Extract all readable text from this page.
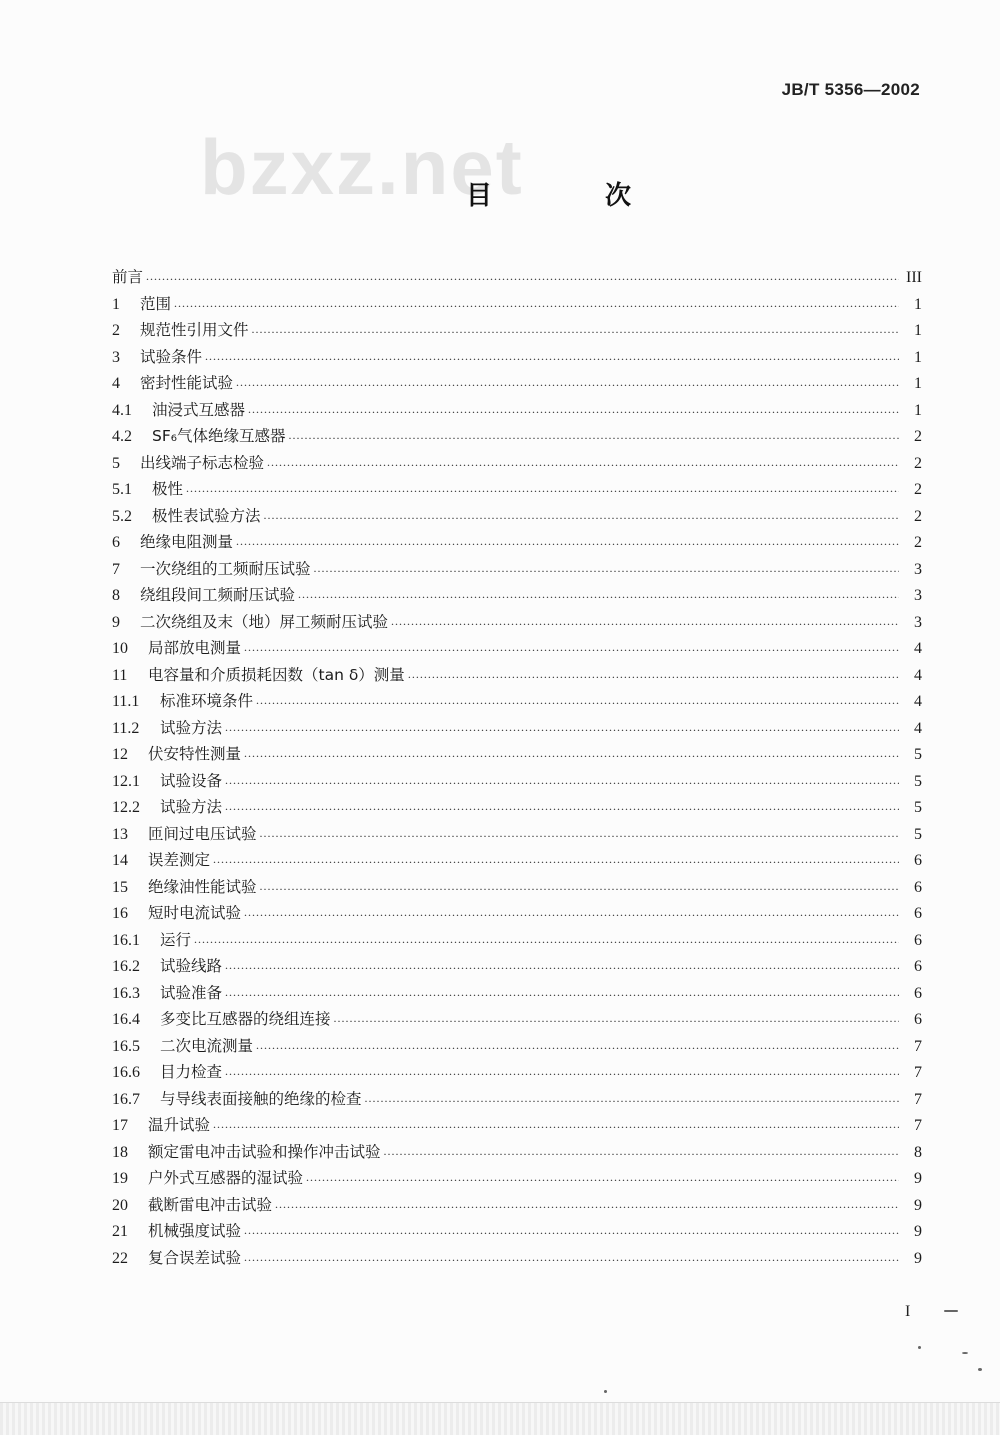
JB/T 5356—2002
bzxz.net
目 次
前言 .....	III
1	范围 .....	1
2	规范性引用文件 .....	1
3	试验条件 .....	1
4	密封性能试验 .....	1
4.1	油浸式互感器 .....	1
4.2	SF₆气体绝缘互感器 .....	2
5	出线端子标志检验 .....	2
5.1	极性 .....	2
5.2	极性表试验方法 .....	2
6	绝缘电阻测量 .....	2
7	一次绕组的工频耐压试验 .....	3
8	绕组段间工频耐压试验 .....	3
9	二次绕组及末（地）屏工频耐压试验 .....	3
10	局部放电测量 .....	4
11	电容量和介质损耗因数（tan δ）测量 .....	4
11.1	标准环境条件 .....	4
11.2	试验方法 .....	4
12	伏安特性测量 .....	5
12.1	试验设备 .....	5
12.2	试验方法 .....	5
13	匝间过电压试验 .....	5
14	误差测定 .....	6
15	绝缘油性能试验 .....	6
16	短时电流试验 .....	6
16.1	运行 .....	6
16.2	试验线路 .....	6
16.3	试验准备 .....	6
16.4	多变比互感器的绕组连接 .....	6
16.5	二次电流测量 .....	7
16.6	目力检查 .....	7
16.7	与导线表面接触的绝缘的检查 .....	7
17	温升试验 .....	7
18	额定雷电冲击试验和操作冲击试验 .....	8
19	户外式互感器的湿试验 .....	9
20	截断雷电冲击试验 .....	9
21	机械强度试验 .....	9
22	复合误差试验 .....	9
I
